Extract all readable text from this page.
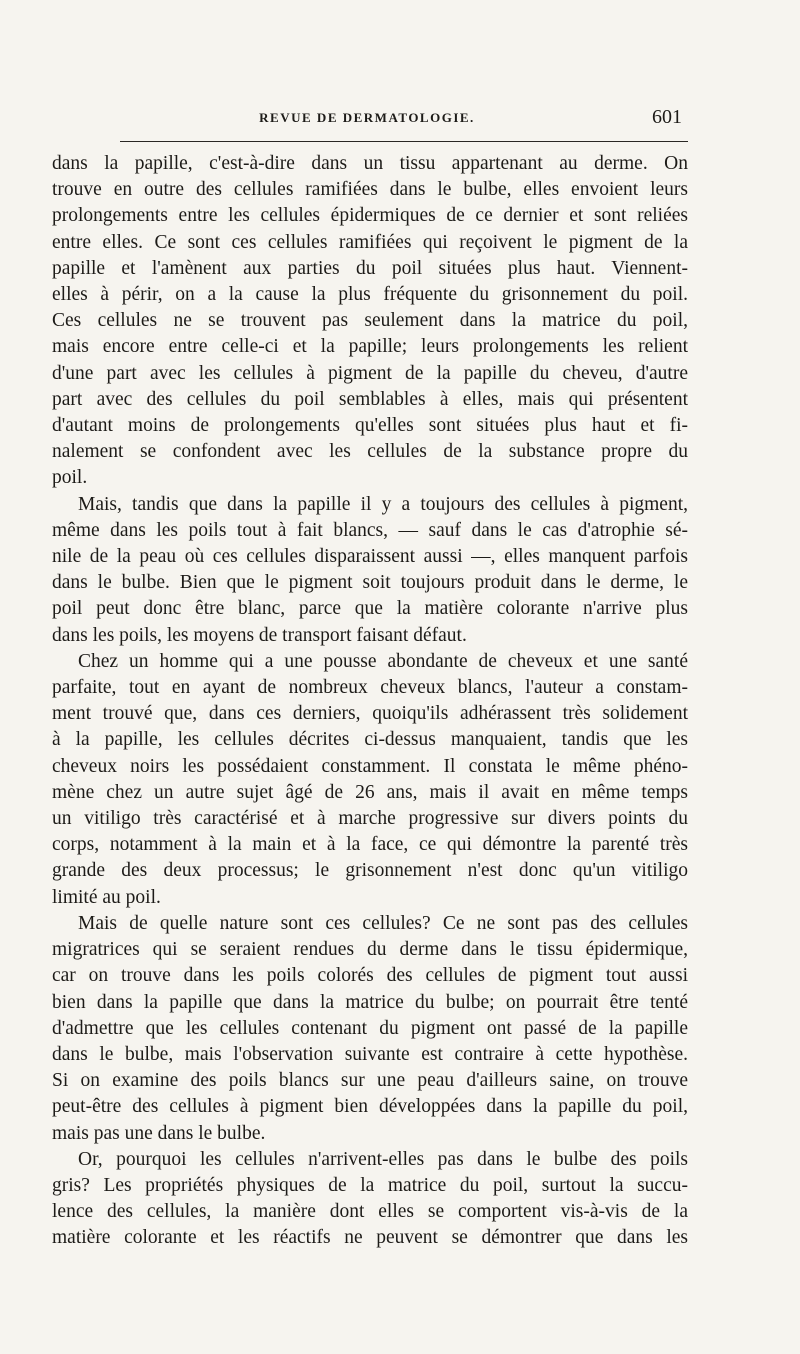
REVUE DE DERMATOLOGIE.	601
dans la papille, c'est-à-dire dans un tissu appartenant au derme. On
trouve en outre des cellules ramifiées dans le bulbe, elles envoient leurs
prolongements entre les cellules épidermiques de ce dernier et sont reliées
entre elles. Ce sont ces cellules ramifiées qui reçoivent le pigment de la
papille et l'amènent aux parties du poil situées plus haut. Viennent-
elles à périr, on a la cause la plus fréquente du grisonnement du poil.
Ces cellules ne se trouvent pas seulement dans la matrice du poil,
mais encore entre celle-ci et la papille; leurs prolongements les relient
d'une part avec les cellules à pigment de la papille du cheveu, d'autre
part avec des cellules du poil semblables à elles, mais qui présentent
d'autant moins de prolongements qu'elles sont situées plus haut et fi-
nalement se confondent avec les cellules de la substance propre du
poil.
Mais, tandis que dans la papille il y a toujours des cellules à pigment,
même dans les poils tout à fait blancs, — sauf dans le cas d'atrophie sé-
nile de la peau où ces cellules disparaissent aussi —, elles manquent parfois
dans le bulbe. Bien que le pigment soit toujours produit dans le derme, le
poil peut donc être blanc, parce que la matière colorante n'arrive plus
dans les poils, les moyens de transport faisant défaut.
Chez un homme qui a une pousse abondante de cheveux et une santé
parfaite, tout en ayant de nombreux cheveux blancs, l'auteur a constam-
ment trouvé que, dans ces derniers, quoiqu'ils adhérassent très solidement
à la papille, les cellules décrites ci-dessus manquaient, tandis que les
cheveux noirs les possédaient constamment. Il constata le même phéno-
mène chez un autre sujet âgé de 26 ans, mais il avait en même temps
un vitiligo très caractérisé et à marche progressive sur divers points du
corps, notamment à la main et à la face, ce qui démontre la parenté très
grande des deux processus; le grisonnement n'est donc qu'un vitiligo
limité au poil.
Mais de quelle nature sont ces cellules? Ce ne sont pas des cellules
migratrices qui se seraient rendues du derme dans le tissu épidermique,
car on trouve dans les poils colorés des cellules de pigment tout aussi
bien dans la papille que dans la matrice du bulbe; on pourrait être tenté
d'admettre que les cellules contenant du pigment ont passé de la papille
dans le bulbe, mais l'observation suivante est contraire à cette hypothèse.
Si on examine des poils blancs sur une peau d'ailleurs saine, on trouve
peut-être des cellules à pigment bien développées dans la papille du poil,
mais pas une dans le bulbe.
Or, pourquoi les cellules n'arrivent-elles pas dans le bulbe des poils
gris? Les propriétés physiques de la matrice du poil, surtout la succu-
lence des cellules, la manière dont elles se comportent vis-à-vis de la
matière colorante et les réactifs ne peuvent se démontrer que dans les
